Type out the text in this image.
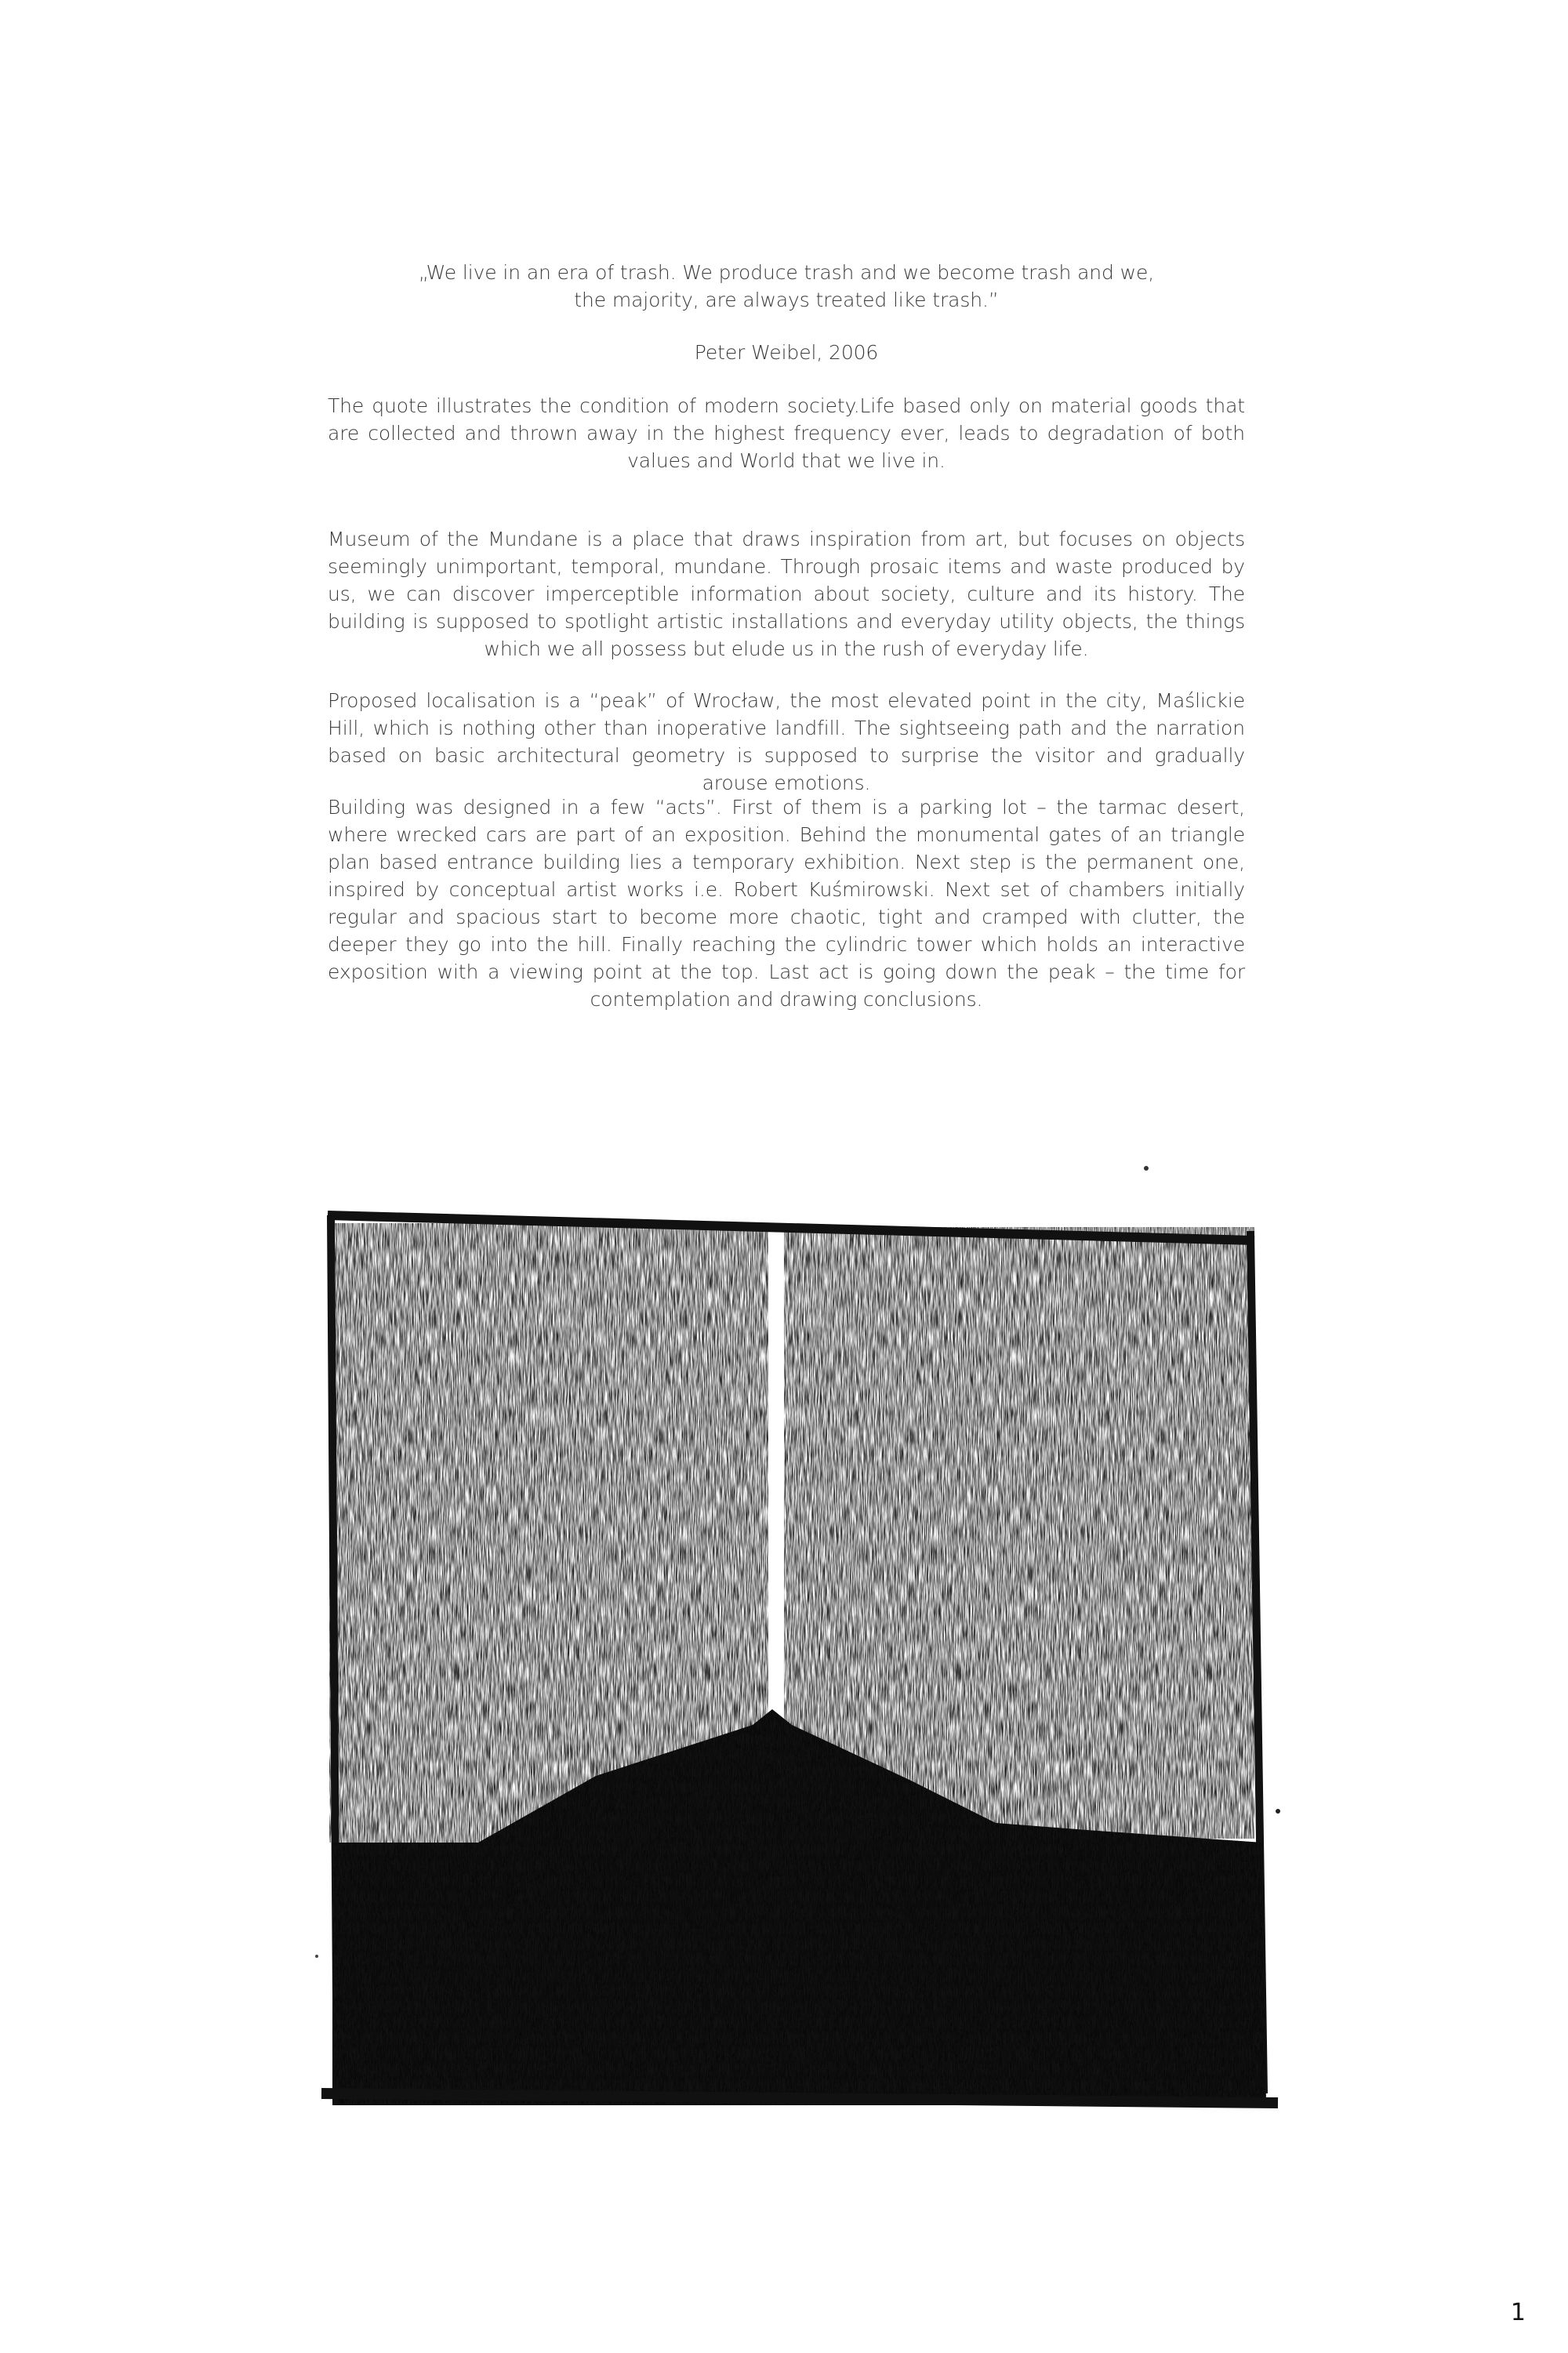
„We live in an era of trash. We produce trash and we become trash and we, the majority, are always treated like trash.”
Peter Weibel, 2006
The quote illustrates the condition of modern society.Life based only on material goods that are collected and thrown away in the highest frequency ever, leads to degradation of both values and World that we live in.
Museum of the Mundane is a place that draws inspiration from art, but focuses on objects seemingly unimportant, temporal, mundane. Through prosaic items and waste produced by us, we can discover imperceptible information about society, culture and its history. The building is supposed to spotlight artistic installations and everyday utility objects, the things which we all possess but elude us in the rush of everyday life.
Proposed localisation is a “peak” of Wrocław, the most elevated point in the city, Maślickie Hill, which is nothing other than inoperative landfill. The sightseeing path and the narration based on basic architectural geometry is supposed to surprise the visitor and gradually arouse emotions.
Building was designed in a few “acts”. First of them is a parking lot – the tarmac desert, where wrecked cars are part of an exposition. Behind the monumental gates of an triangle plan based entrance building lies a temporary exhibition. Next step is the permanent one, inspired by conceptual artist works i.e. Robert Kuśmirowski. Next set of chambers initially regular and spacious start to become more chaotic, tight and cramped with clutter, the deeper they go into the hill. Finally reaching the cylindric tower which holds an interactive exposition with a viewing point at the top. Last act is going down the peak – the time for contemplation and drawing conclusions.
1
